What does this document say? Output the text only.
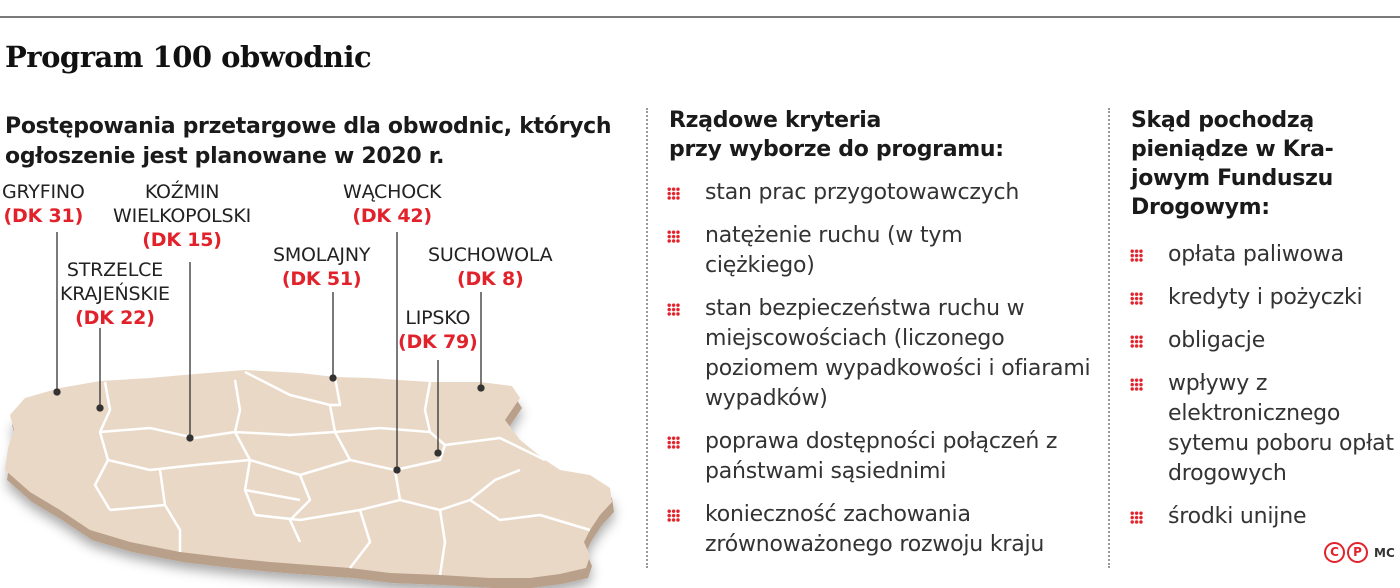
Program 100 obwodnic
Postępowania przetargowe dla obwodnic, których ogłoszenie jest planowane w 2020 r.
GRYFINO
(DK 31)
KOŹMIN
WIELKOPOLSKI
(DK 15)
WĄCHOCK
(DK 42)
STRZELCE
KRAJEŃSKIE
(DK 22)
SMOLAJNY
(DK 51)
SUCHOWOLA
(DK 8)
LIPSKO
(DK 79)
Rządowe kryteria
przy wyborze do programu:
stan prac przygotowawczych
natężenie ruchu (w tym ciężkiego)
stan bezpieczeństwa ruchu w miejscowościach (liczonego poziomem wypadkowości i ofiarami wypadków)
poprawa dostępności połączeń z państwami sąsiednimi
konieczność zachowania zrównoważonego rozwoju kraju
Skąd pochodzą
pieniądze w Kra-
jowym Funduszu
Drogowym:
opłata paliwowa
kredyty i pożyczki
obligacje
wpływy z elektronicznego sytemu poboru opłat drogowych
środki unijne
C	P	MC
